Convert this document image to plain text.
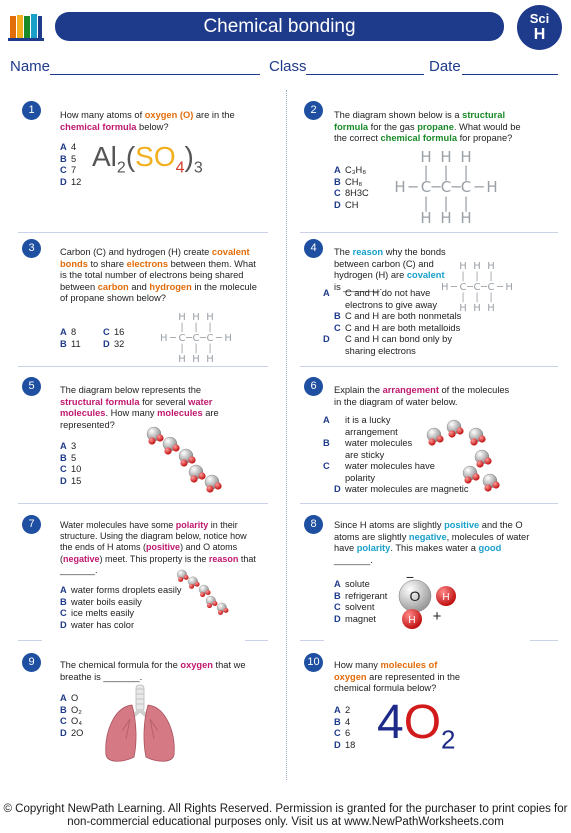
Chemical bonding	Sci
H
Name	Class	Date
1	How many atoms of oxygen (O) are in the chemical formula below?
A 4
B 5
C 7
D 12
$Al_2(SO_4)_3$
2	The diagram shown below is a structural formula for the gas propane. What would be the correct chemical formula for propane?
A C₃H₈
B CH₈
C 8H3C
D CH
H
|
C
|
H
H
|
C
|
H
H
|
C
|
H
H	H
─ ─ ─ ─
3	Carbon (C) and hydrogen (H) create covalent bonds to share electrons between them. What is the total number of electrons being shared between carbon and hydrogen in the molecule of propane shown below?
A 8
B 11
C 16
D 32
H
|
C
|
H
H
|
C
|
H
H
|
C
|
H
H	H
─	─ ─	─
4	The reason why the bonds between carbon (C) and hydrogen (H) are covalent is _______.
H
|
C
|
H
H
|
C
|
H
H
|
C
|
H
H	H
─	─ ─	─
A C and H do not have electrons to give away
B C and H are both nonmetals
C C and H are both metalloids
D C and H can bond only by sharing electrons
5	The diagram below represents the structural formula for several water molecules. How many molecules are represented?
A 3
B 5
C 10
D 15
6	Explain the arrangement of the molecules in the diagram of water below.
A it is a lucky arrangement
B water molecules are sticky
C water molecules have polarity
D water molecules are magnetic
7	Water molecules have some polarity in their structure. Using the diagram below, notice how the ends of H atoms (positive) and O atoms (negative) meet. This property is the reason that _______.
A water forms droplets easily
B water boils easily
C ice melts easily
D water has color
8	Since H atoms are slightly positive and the O atoms are slightly negative, molecules of water have polarity. This makes water a good _______.
A solute
B refrigerant
C solvent
D magnet
O H
H
−
+
9	The chemical formula for the oxygen that we breathe is _______.
A O
B O₂
C O₄
D 2O
10	How many molecules of oxygen are represented in the chemical formula below?
A 2
B 4
C 6
D 18 $4O_2$
© Copyright NewPath Learning. All Rights Reserved. Permission is granted for the purchaser to print copies for
non-commercial educational purposes only. Visit us at www.NewPathWorksheets.com
